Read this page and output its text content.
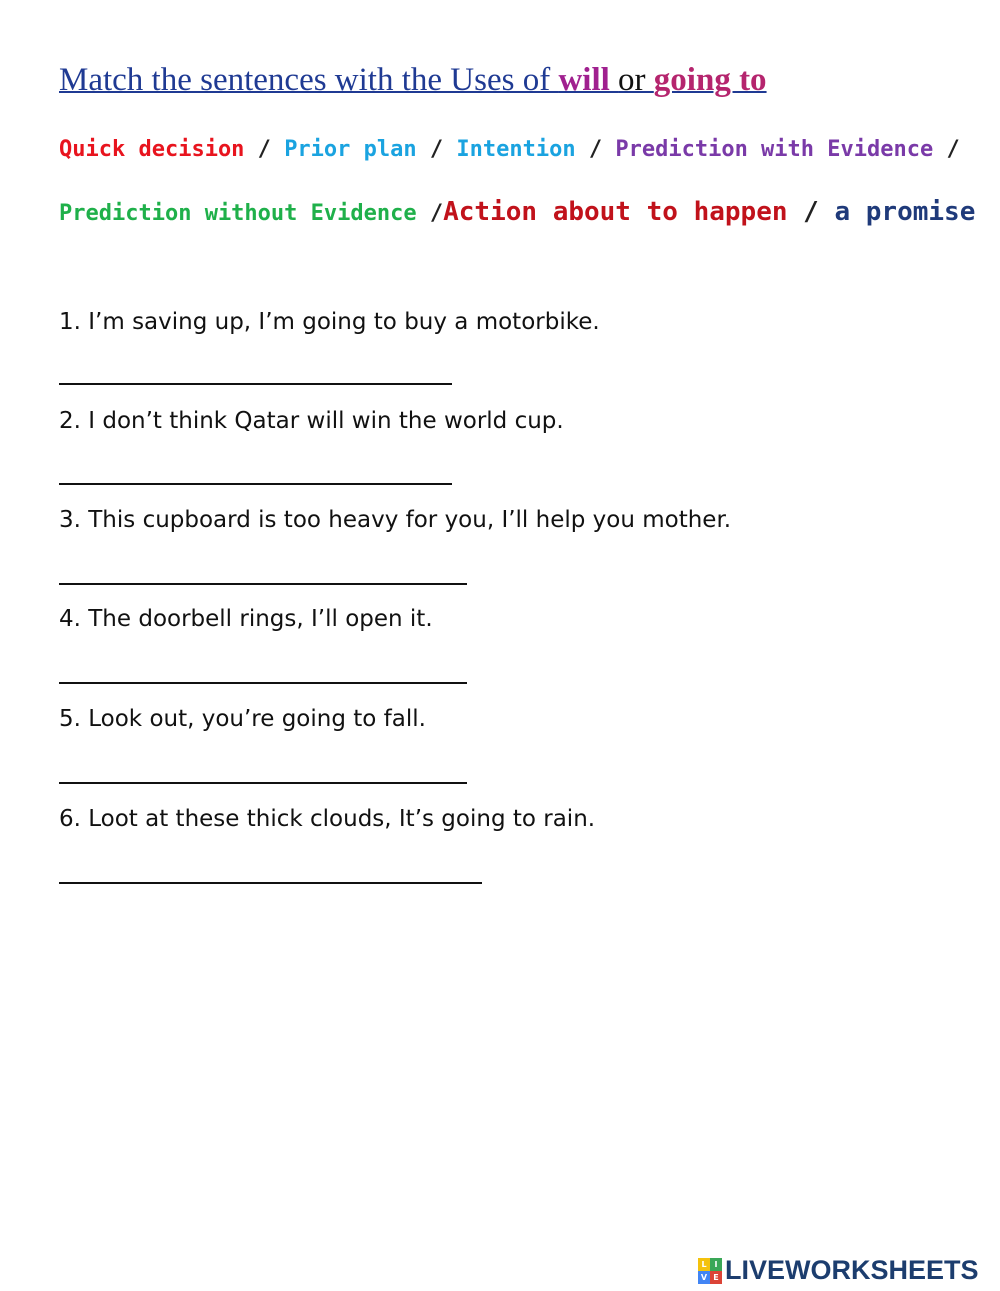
Match the sentences with the Uses of will or going to
Quick decision / Prior plan / Intention / Prediction with Evidence /
Prediction without Evidence /Action about to happen / a promise
1. I’m saving up, I’m going to buy a motorbike.
2. I don’t think Qatar will win the world cup.
3. This cupboard is too heavy for you, I’ll help you mother.
4. The doorbell rings, I’ll open it.
5. Look out, you’re going to fall.
6. Loot at these thick clouds, It’s going to rain.
L I
V E LIVEWORKSHEETS
